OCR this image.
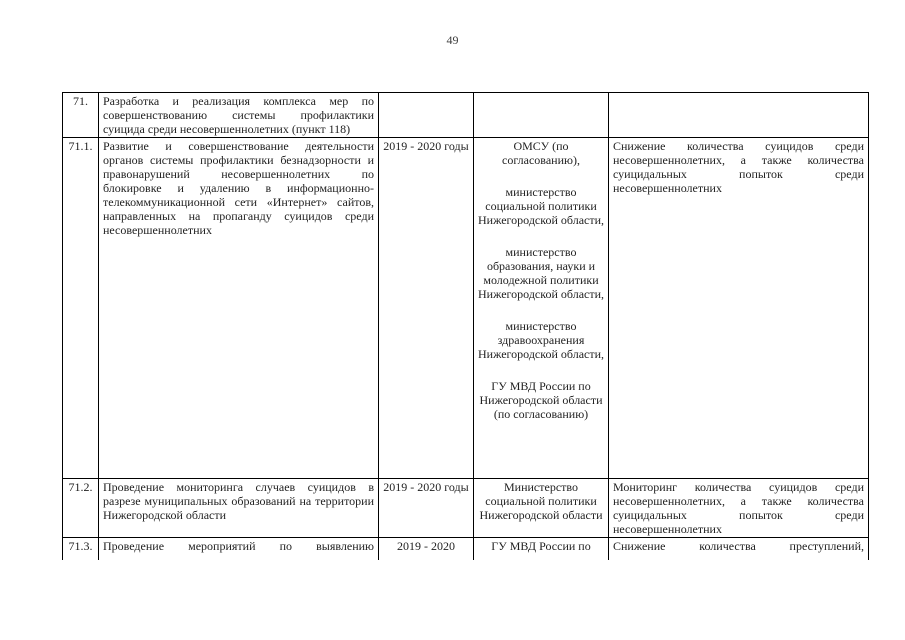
49
71.	Разработка и реализация комплекса мер по совершенствованию системы профилактики суицида среди несовершеннолетних (пункт 118)			
71.1.	Развитие и совершенствование деятельности органов системы профилактики безнадзорности и правонарушений несовершеннолетних по блокировке и удалению в информационно-телекоммуникационной сети «Интернет» сайтов, направленных на пропаганду суицидов среди несовершеннолетних	2019 - 2020 годы	ОМСУ (по согласованию),

министерство социальной политики Нижегородской области,

министерство образования, науки и молодежной политики Нижегородской области,

министерство здравоохранения Нижегородской области,

ГУ МВД России по Нижегородской области (по согласованию)

	Снижение количества суицидов среди несовершеннолетних, а также количества суицидальных попыток среди несовершеннолетних
71.2.	Проведение мониторинга случаев суицидов в разрезе муниципальных образований на территории Нижегородской области	2019 - 2020 годы	Министерство социальной политики Нижегородской области	Мониторинг количества суицидов среди несовершеннолетних, а также количества суицидальных попыток среди несовершеннолетних
71.3.	Проведение мероприятий по выявлению	2019 - 2020	ГУ МВД России по	Снижение количества преступлений,
